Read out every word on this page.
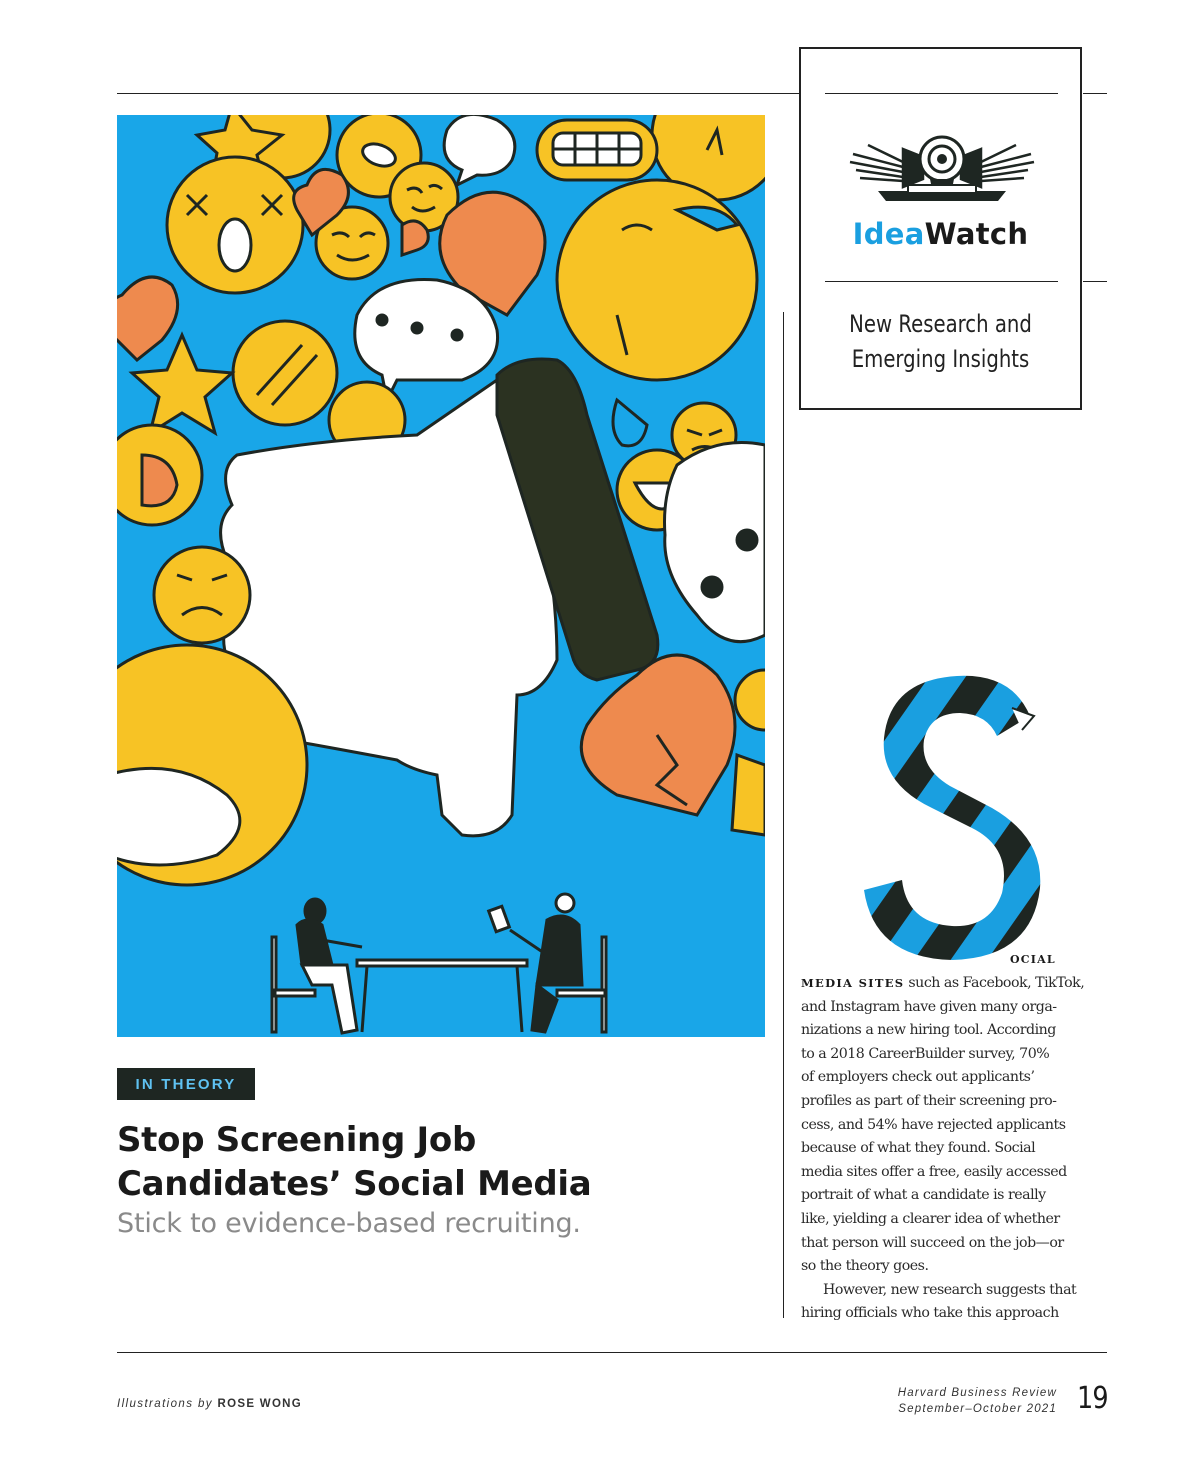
IdeaWatch
New Research and
Emerging Insights
IN THEORY
Stop Screening Job
Candidates’ Social Media
Stick to evidence-based recruiting.
OCIAL
MEDIA SITES such as Facebook, TikTok,
and Instagram have given many orga-
nizations a new hiring tool. According
to a 2018 CareerBuilder survey, 70%
of employers check out applicants’
profiles as part of their screening pro-
cess, and 54% have rejected applicants
because of what they found. Social
media sites offer a free, easily accessed
portrait of what a candidate is really
like, yielding a clearer idea of whether
that person will succeed on the job—or
so the theory goes.
However, new research suggests that
hiring officials who take this approach
Illustrations by ROSE WONG
Harvard Business Review
September–October 2021 19
